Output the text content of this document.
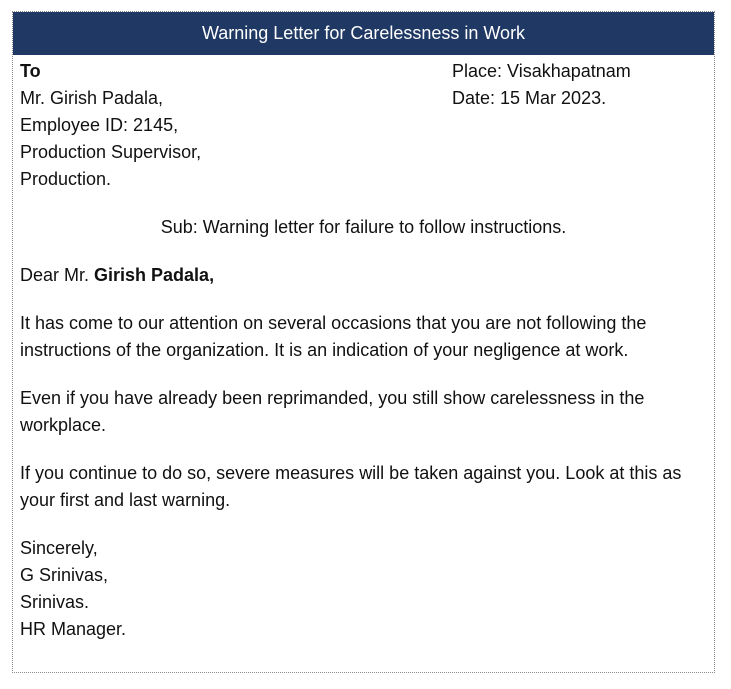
Warning Letter for Carelessness in Work
To
Mr. Girish Padala,
Employee ID: 2145,
Production Supervisor,
Production.
Place: Visakhapatnam
Date: 15 Mar 2023.
Sub: Warning letter for failure to follow instructions.
Dear Mr. Girish Padala,
It has come to our attention on several occasions that you are not following the instructions of the organization. It is an indication of your negligence at work.
Even if you have already been reprimanded, you still show carelessness in the workplace.
If you continue to do so, severe measures will be taken against you. Look at this as your first and last warning.
Sincerely,
G Srinivas,
Srinivas.
HR Manager.
